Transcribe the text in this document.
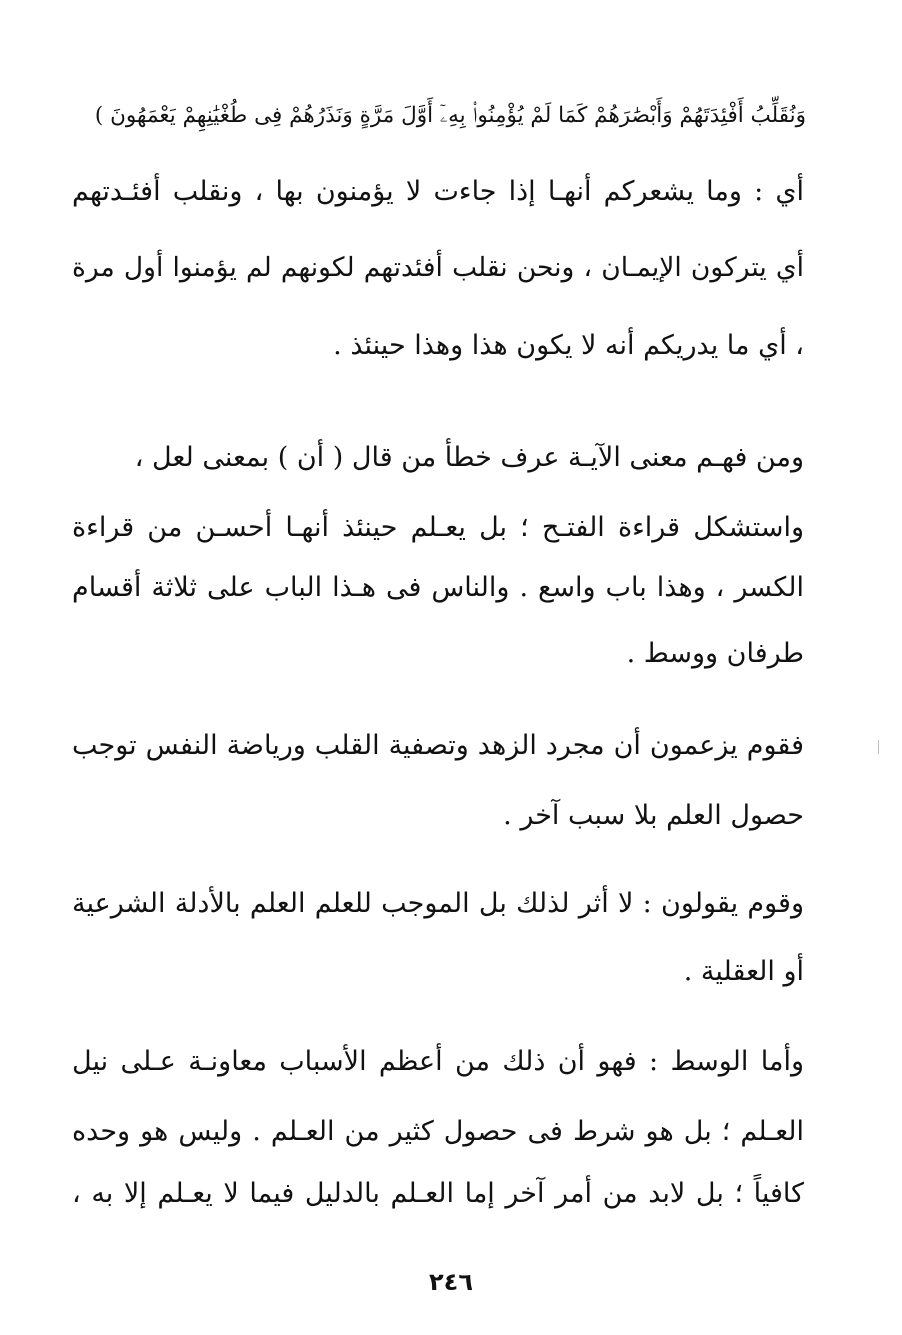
وَنُقَلِّبُ أَفْئِدَتَهُمْ وَأَبْصَٰرَهُمْ كَمَا لَمْ يُؤْمِنُوا۟ بِهِۦٓ أَوَّلَ مَرَّةٍ وَنَذَرُهُمْ فِى طُغْيَٰنِهِمْ يَعْمَهُونَ )
أي : وما يشعركم أنهـا إذا جاءت لا يؤمنون بها ، ونقلب أفئـدتهم
أي يتركون الإيمـان ، ونحن نقلب أفئدتهم لكونهم لم يؤمنوا أول مرة
، أي ما يدريكم أنه لا يكون هذا وهذا حينئذ .
ومن فهـم معنى الآيـة عرف خطأ من قال ( أن ) بمعنى لعل ،
واستشكل قراءة الفتـح ؛ بل يعـلم حينئذ أنهـا أحسـن من قراءة
الكسر ، وهذا باب واسع . والناس فى هـذا الباب على ثلاثة أقسام
طرفان ووسط .
فقوم يزعمون أن مجرد الزهد وتصفية القلب ورياضة النفس توجب
حصول العلم بلا سبب آخر .
وقوم يقولون : لا أثر لذلك بل الموجب للعلم العلم بالأدلة الشرعية
أو العقلية .
وأما الوسط : فهو أن ذلك من أعظم الأسباب معاونـة عـلى نيل
العـلم ؛ بل هو شرط فى حصول كثير من العـلم . وليس هو وحده
كافياً ؛ بل لابد من أمر آخر إما العـلم بالدليل فيما لا يعـلم إلا به ،
٢٤٦
